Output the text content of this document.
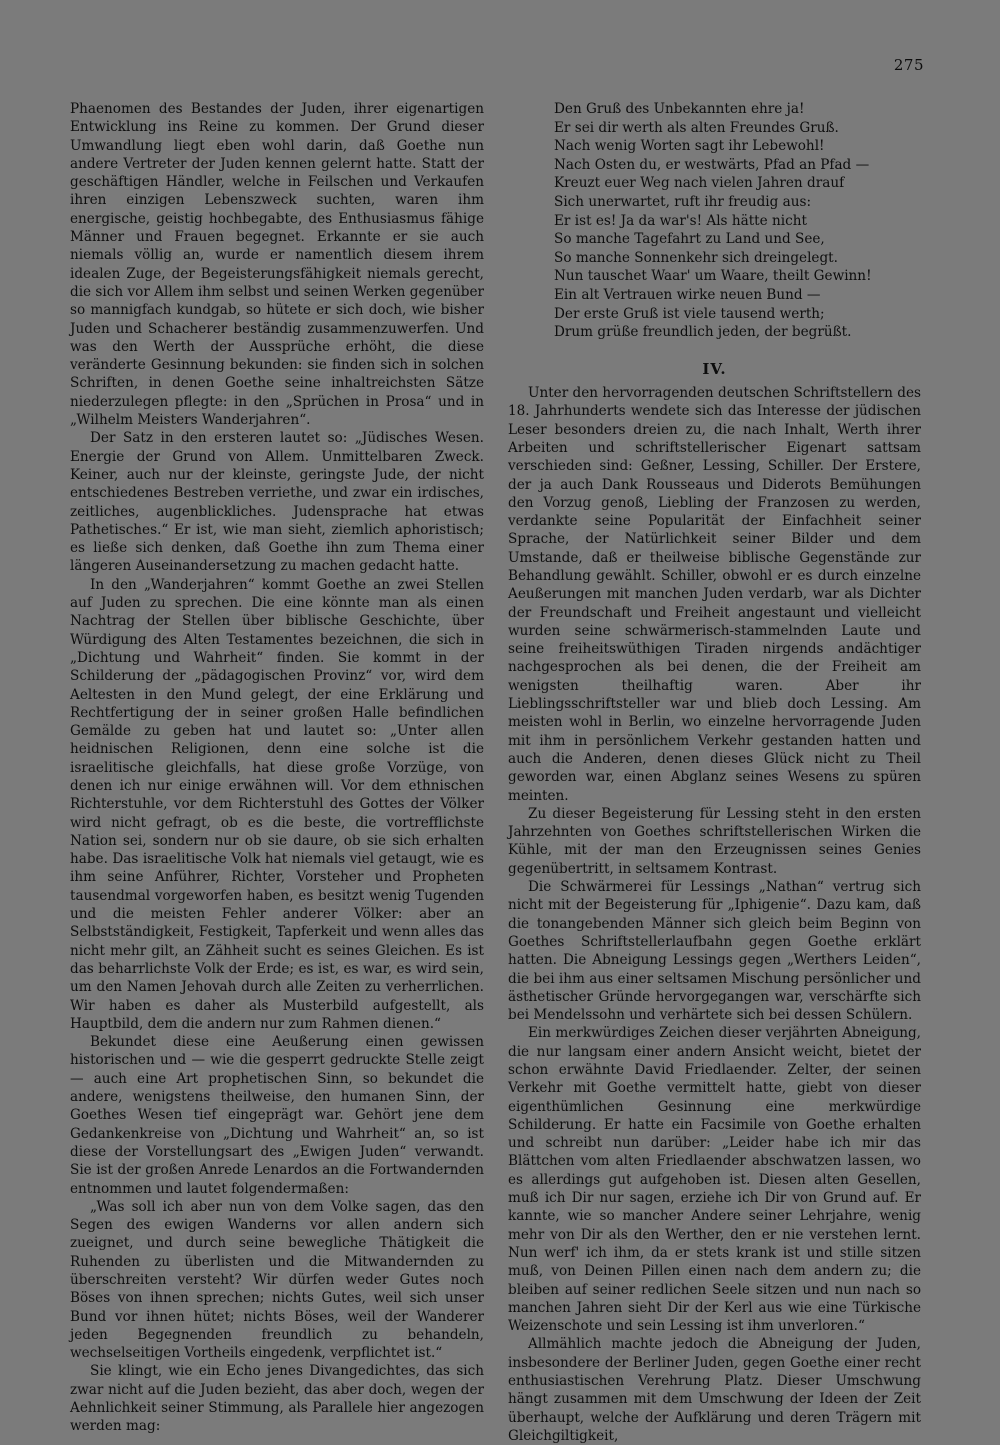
275

Phaenomen des Bestandes der Juden, ihrer eigenartigen Entwicklung ins Reine zu kommen. Der Grund dieser Umwandlung liegt eben wohl darin, daß Goethe nun andere Vertreter der Juden kennen gelernt hatte. Statt der geschäftigen Händler, welche in Feilschen und Verkaufen ihren einzigen Lebenszweck suchten, waren ihm energische, geistig hochbegabte, des Enthusiasmus fähige Männer und Frauen begegnet. Erkannte er sie auch niemals völlig an, wurde er namentlich diesem ihrem idealen Zuge, der Begeisterungsfähigkeit niemals gerecht, die sich vor Allem ihm selbst und seinen Werken gegenüber so mannigfach kundgab, so hütete er sich doch, wie bisher Juden und Schacherer beständig zusammenzuwerfen. Und was den Werth der Aussprüche erhöht, die diese veränderte Gesinnung bekunden: sie finden sich in solchen Schriften, in denen Goethe seine inhaltreichsten Sätze niederzulegen pflegte: in den „Sprüchen in Prosa“ und in „Wilhelm Meisters Wanderjahren“.

Der Satz in den ersteren lautet so: „Jüdisches Wesen. Energie der Grund von Allem. Unmittelbaren Zweck. Keiner, auch nur der kleinste, geringste Jude, der nicht entschiedenes Bestreben verriethe, und zwar ein irdisches, zeitliches, augenblickliches. Judensprache hat etwas Pathetisches.“ Er ist, wie man sieht, ziemlich aphoristisch; es ließe sich denken, daß Goethe ihn zum Thema einer längeren Auseinandersetzung zu machen gedacht hatte.

In den „Wanderjahren“ kommt Goethe an zwei Stellen auf Juden zu sprechen. Die eine könnte man als einen Nachtrag der Stellen über biblische Geschichte, über Würdigung des Alten Testamentes bezeichnen, die sich in „Dichtung und Wahrheit“ finden. Sie kommt in der Schilderung der „pädagogischen Provinz“ vor, wird dem Aeltesten in den Mund gelegt, der eine Erklärung und Rechtfertigung der in seiner großen Halle befindlichen Gemälde zu geben hat und lautet so: „Unter allen heidnischen Religionen, denn eine solche ist die israelitische gleichfalls, hat diese große Vorzüge, von denen ich nur einige erwähnen will. Vor dem ethnischen Richterstuhle, vor dem Richterstuhl des Gottes der Völker wird nicht gefragt, ob es die beste, die vortrefflichste Nation sei, sondern nur ob sie daure, ob sie sich erhalten habe. Das israelitische Volk hat niemals viel getaugt, wie es ihm seine Anführer, Richter, Vorsteher und Propheten tausendmal vorgeworfen haben, es besitzt wenig Tugenden und die meisten Fehler anderer Völker: aber an Selbstständigkeit, Festigkeit, Tapferkeit und wenn alles das nicht mehr gilt, an Zähheit sucht es seines Gleichen. Es ist das beharrlichste Volk der Erde; es ist, es war, es wird sein, um den Namen Jehovah durch alle Zeiten zu verherrlichen. Wir haben es daher als Musterbild aufgestellt, als Hauptbild, dem die andern nur zum Rahmen dienen.“

Bekundet diese eine Aeußerung einen gewissen historischen und — wie die gesperrt gedruckte Stelle zeigt — auch eine Art prophetischen Sinn, so bekundet die andere, wenigstens theilweise, den humanen Sinn, der Goethes Wesen tief eingeprägt war. Gehört jene dem Gedankenkreise von „Dichtung und Wahrheit“ an, so ist diese der Vorstellungsart des „Ewigen Juden“ verwandt. Sie ist der großen Anrede Lenardos an die Fortwandernden entnommen und lautet folgendermaßen:

„Was soll ich aber nun von dem Volke sagen, das den Segen des ewigen Wanderns vor allen andern sich zueignet, und durch seine bewegliche Thätigkeit die Ruhenden zu überlisten und die Mitwandernden zu überschreiten versteht? Wir dürfen weder Gutes noch Böses von ihnen sprechen; nichts Gutes, weil sich unser Bund vor ihnen hütet; nichts Böses, weil der Wanderer jeden Begegnenden freundlich zu behandeln, wechselseitigen Vortheils eingedenk, verpflichtet ist.“

Sie klingt, wie ein Echo jenes Divangedichtes, das sich zwar nicht auf die Juden bezieht, das aber doch, wegen der Aehnlichkeit seiner Stimmung, als Parallele hier angezogen werden mag:

Den Gruß des Unbekannten ehre ja!
Er sei dir werth als alten Freundes Gruß.
Nach wenig Worten sagt ihr Lebewohl!
Nach Osten du, er westwärts, Pfad an Pfad —
Kreuzt euer Weg nach vielen Jahren drauf
Sich unerwartet, ruft ihr freudig aus:
Er ist es! Ja da war's! Als hätte nicht
So manche Tagefahrt zu Land und See,
So manche Sonnenkehr sich dreingelegt.
Nun tauschet Waar' um Waare, theilt Gewinn!
Ein alt Vertrauen wirke neuen Bund —
Der erste Gruß ist viele tausend werth;
Drum grüße freundlich jeden, der begrüßt.
IV.

Unter den hervorragenden deutschen Schriftstellern des 18. Jahrhunderts wendete sich das Interesse der jüdischen Leser besonders dreien zu, die nach Inhalt, Werth ihrer Arbeiten und schriftstellerischer Eigenart sattsam verschieden sind: Geßner, Lessing, Schiller. Der Erstere, der ja auch Dank Rousseaus und Diderots Bemühungen den Vorzug genoß, Liebling der Franzosen zu werden, verdankte seine Popularität der Einfachheit seiner Sprache, der Natürlichkeit seiner Bilder und dem Umstande, daß er theilweise biblische Gegenstände zur Behandlung gewählt. Schiller, obwohl er es durch einzelne Aeußerungen mit manchen Juden verdarb, war als Dichter der Freundschaft und Freiheit angestaunt und vielleicht wurden seine schwärmerisch-stammelnden Laute und seine freiheitswüthigen Tiraden nirgends andächtiger nachgesprochen als bei denen, die der Freiheit am wenigsten theilhaftig waren. Aber ihr Lieblingsschriftsteller war und blieb doch Lessing. Am meisten wohl in Berlin, wo einzelne hervorragende Juden mit ihm in persönlichem Verkehr gestanden hatten und auch die Anderen, denen dieses Glück nicht zu Theil geworden war, einen Abglanz seines Wesens zu spüren meinten.

Zu dieser Begeisterung für Lessing steht in den ersten Jahrzehnten von Goethes schriftstellerischen Wirken die Kühle, mit der man den Erzeugnissen seines Genies gegenübertritt, in seltsamem Kontrast.

Die Schwärmerei für Lessings „Nathan“ vertrug sich nicht mit der Begeisterung für „Iphigenie“. Dazu kam, daß die tonangebenden Männer sich gleich beim Beginn von Goethes Schriftstellerlaufbahn gegen Goethe erklärt hatten. Die Abneigung Lessings gegen „Werthers Leiden“, die bei ihm aus einer seltsamen Mischung persönlicher und ästhetischer Gründe hervorgegangen war, verschärfte sich bei Mendelssohn und verhärtete sich bei dessen Schülern.

Ein merkwürdiges Zeichen dieser verjährten Abneigung, die nur langsam einer andern Ansicht weicht, bietet der schon erwähnte David Friedlaender. Zelter, der seinen Verkehr mit Goethe vermittelt hatte, giebt von dieser eigenthümlichen Gesinnung eine merkwürdige Schilderung. Er hatte ein Facsimile von Goethe erhalten und schreibt nun darüber: „Leider habe ich mir das Blättchen vom alten Friedlaender abschwatzen lassen, wo es allerdings gut aufgehoben ist. Diesen alten Gesellen, muß ich Dir nur sagen, erziehe ich Dir von Grund auf. Er kannte, wie so mancher Andere seiner Lehrjahre, wenig mehr von Dir als den Werther, den er nie verstehen lernt. Nun werf' ich ihm, da er stets krank ist und stille sitzen muß, von Deinen Pillen einen nach dem andern zu; die bleiben auf seiner redlichen Seele sitzen und nun nach so manchen Jahren sieht Dir der Kerl aus wie eine Türkische Weizenschote und sein Lessing ist ihm unverloren.“

Allmählich machte jedoch die Abneigung der Juden, insbesondere der Berliner Juden, gegen Goethe einer recht enthusiastischen Verehrung Platz. Dieser Umschwung hängt zusammen mit dem Umschwung der Ideen der Zeit überhaupt, welche der Aufklärung und deren Trägern mit Gleichgiltigkeit,
